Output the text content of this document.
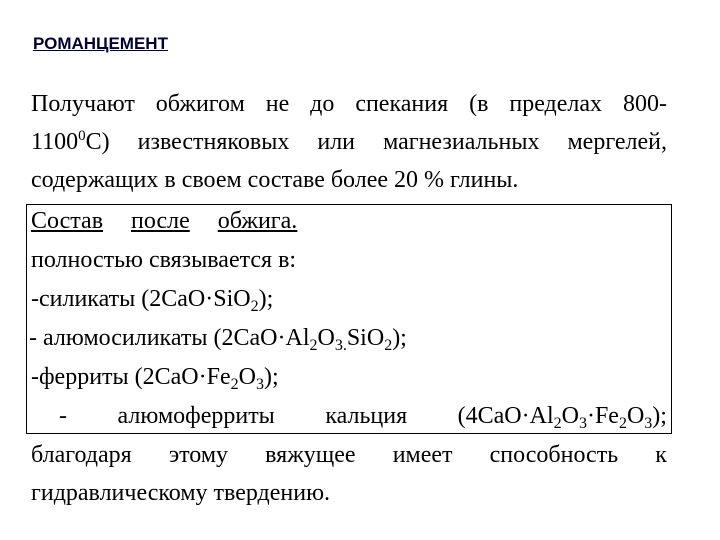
РОМАНЦЕМЕНТ
Получают обжигом не до спекания (в пределах 800-
1100$^0$С) известняковых или магнезиальных мергелей,
содержащих в своем составе более 20 % глины.
Состав после обжига.
полностью связывается в:
-силикаты (2СаО·SiO$_2$);
- алюмосиликаты $(2СаО\cdot Al_2O_{3.}SiO_2)$;
-ферриты $(2СаО\cdot Fe_2O_3)$;
- алюмоферриты кальция $(4СаО\cdot Al_2O_3\cdot Fe_2O_3)$;
благодаря этому вяжущее имеет способность к
гидравлическому твердению.
